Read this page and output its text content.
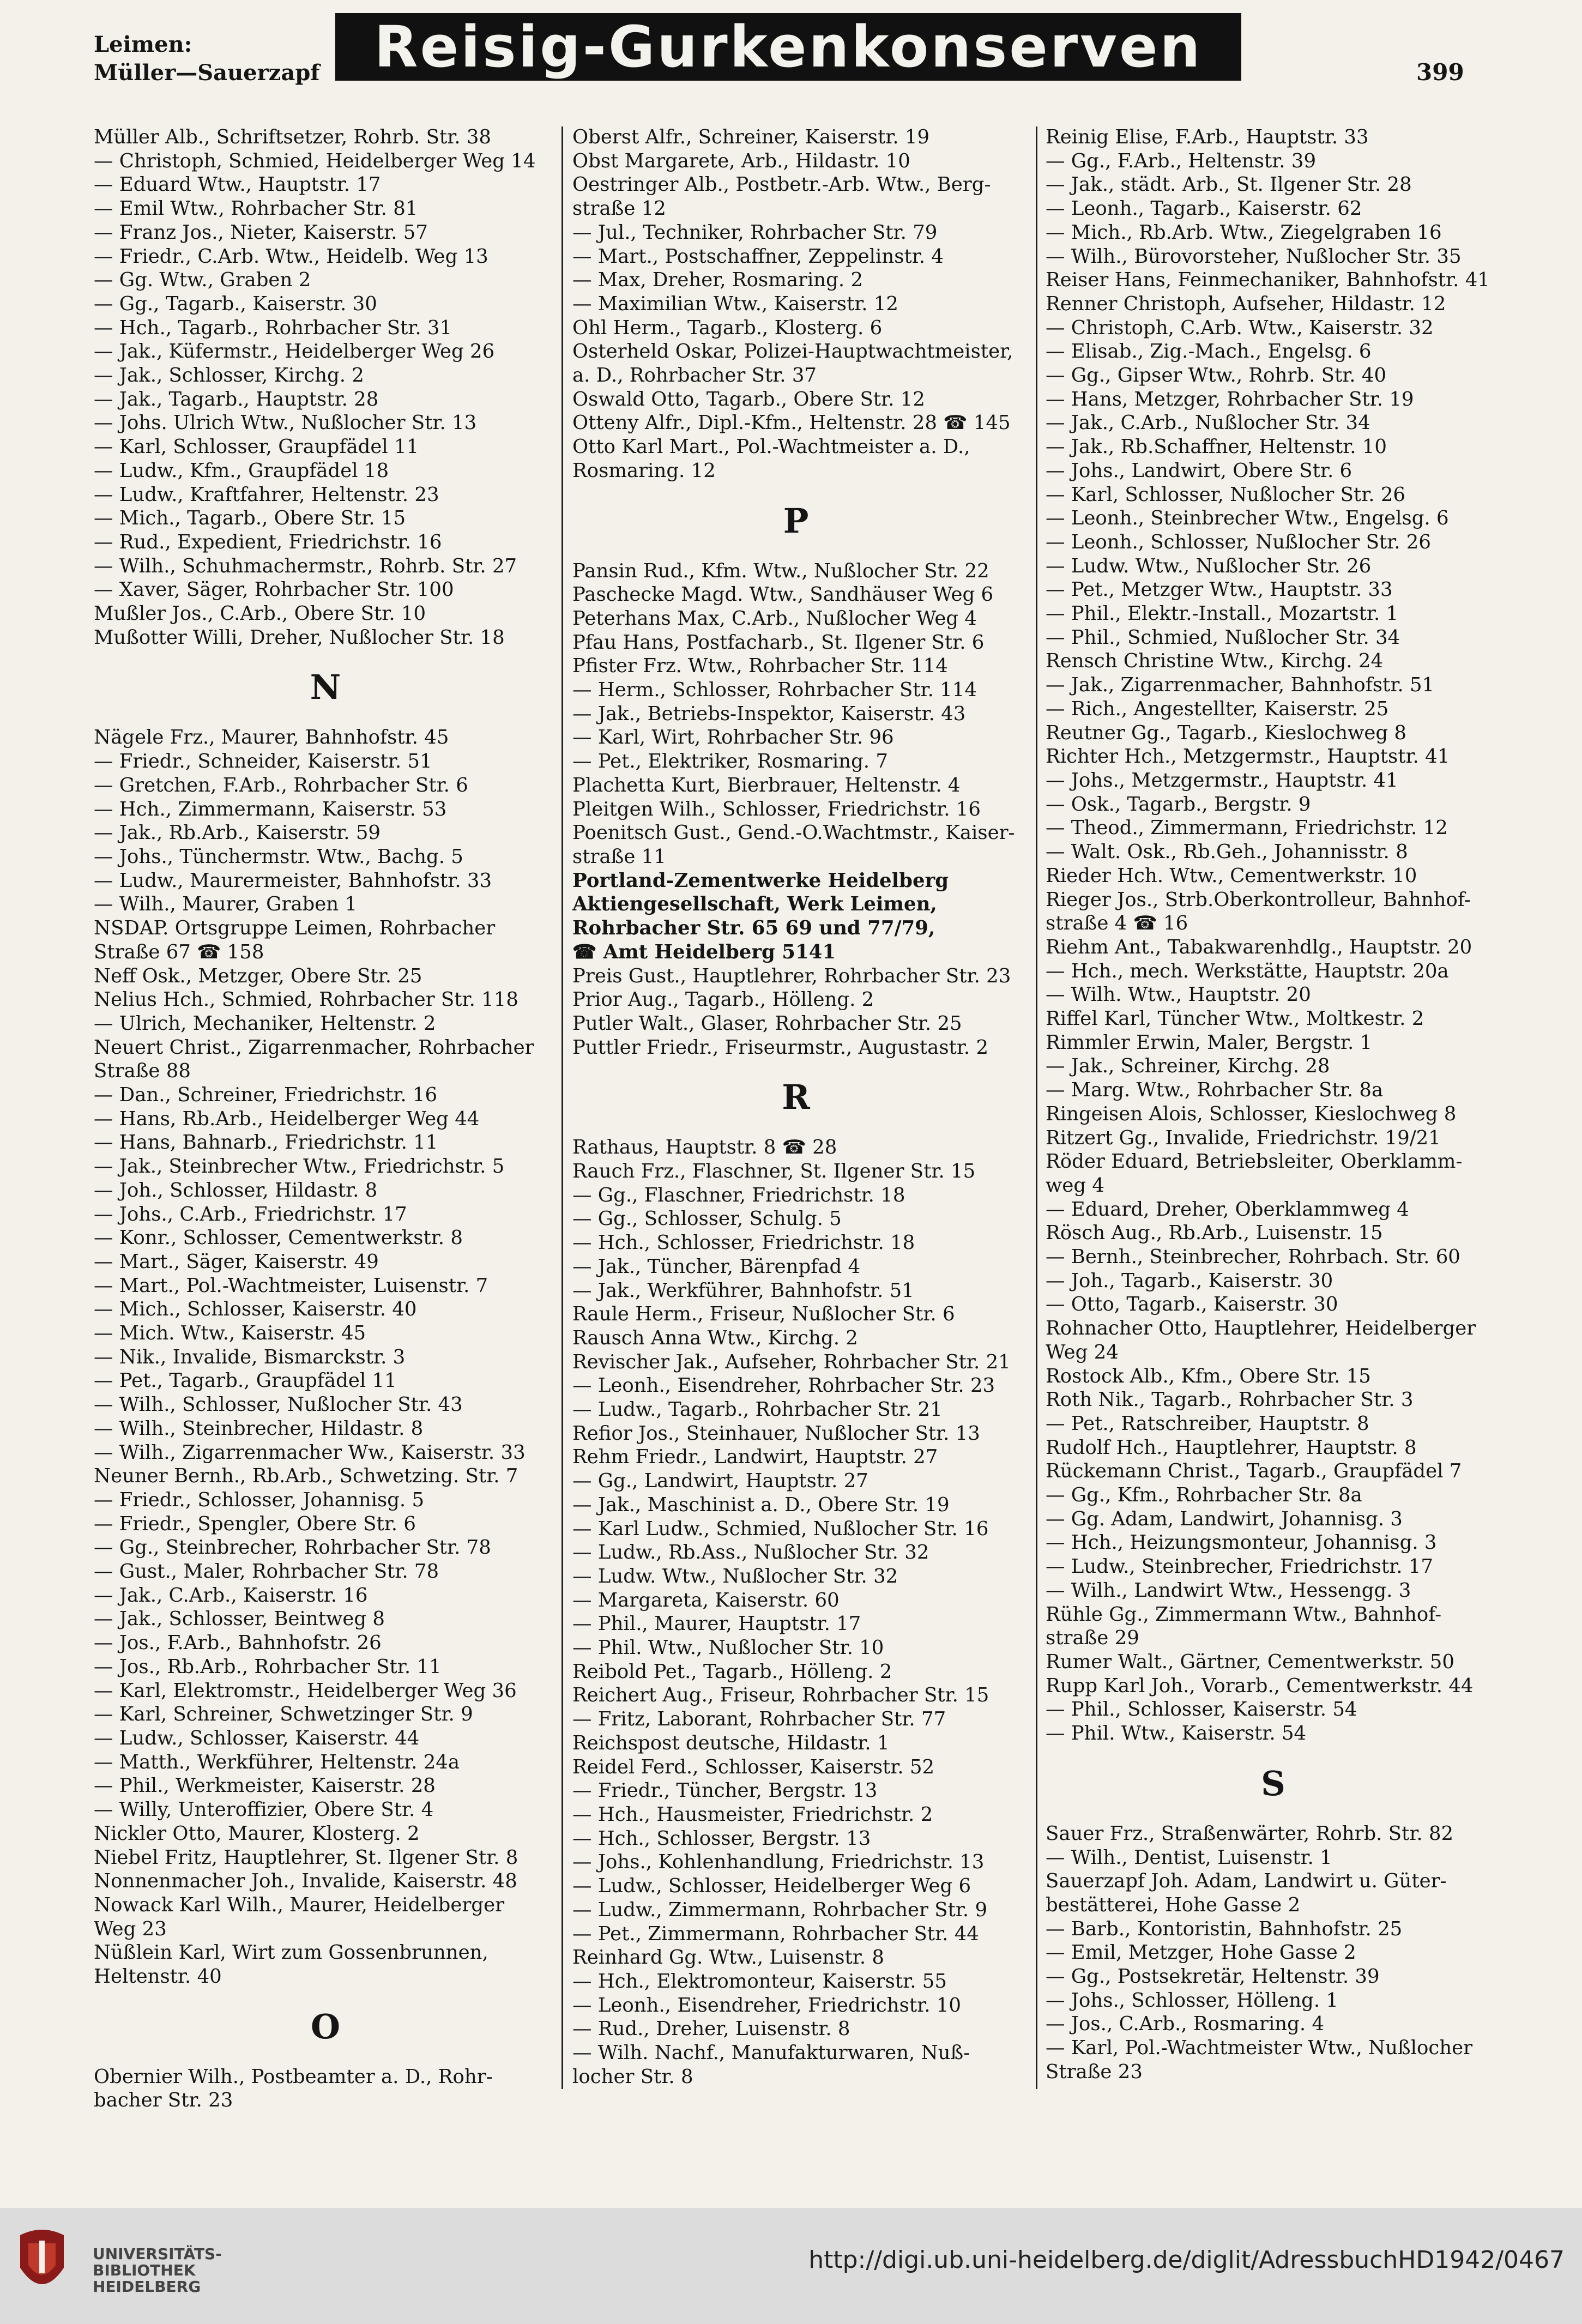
Leimen:
Müller—Sauerzapf Reisig-Gurkenkonserven	399
Müller Alb., Schriftsetzer, Rohrb. Str. 38
— Christoph, Schmied, Heidelberger Weg 14
— Eduard Wtw., Hauptstr. 17
— Emil Wtw., Rohrbacher Str. 81
— Franz Jos., Nieter, Kaiserstr. 57
— Friedr., C.Arb. Wtw., Heidelb. Weg 13
— Gg. Wtw., Graben 2
— Gg., Tagarb., Kaiserstr. 30
— Hch., Tagarb., Rohrbacher Str. 31
— Jak., Küfermstr., Heidelberger Weg 26
— Jak., Schlosser, Kirchg. 2
— Jak., Tagarb., Hauptstr. 28
— Johs. Ulrich Wtw., Nußlocher Str. 13
— Karl, Schlosser, Graupfädel 11
— Ludw., Kfm., Graupfädel 18
— Ludw., Kraftfahrer, Heltenstr. 23
— Mich., Tagarb., Obere Str. 15
— Rud., Expedient, Friedrichstr. 16
— Wilh., Schuhmachermstr., Rohrb. Str. 27
— Xaver, Säger, Rohrbacher Str. 100
Mußler Jos., C.Arb., Obere Str. 10
Mußotter Willi, Dreher, Nußlocher Str. 18
N
Nägele Frz., Maurer, Bahnhofstr. 45
— Friedr., Schneider, Kaiserstr. 51
— Gretchen, F.Arb., Rohrbacher Str. 6
— Hch., Zimmermann, Kaiserstr. 53
— Jak., Rb.Arb., Kaiserstr. 59
— Johs., Tünchermstr. Wtw., Bachg. 5
— Ludw., Maurermeister, Bahnhofstr. 33
— Wilh., Maurer, Graben 1
NSDAP. Ortsgruppe Leimen, Rohrbacher
Straße 67 ☎ 158
Neff Osk., Metzger, Obere Str. 25
Nelius Hch., Schmied, Rohrbacher Str. 118
— Ulrich, Mechaniker, Heltenstr. 2
Neuert Christ., Zigarrenmacher, Rohrbacher
Straße 88
— Dan., Schreiner, Friedrichstr. 16
— Hans, Rb.Arb., Heidelberger Weg 44
— Hans, Bahnarb., Friedrichstr. 11
— Jak., Steinbrecher Wtw., Friedrichstr. 5
— Joh., Schlosser, Hildastr. 8
— Johs., C.Arb., Friedrichstr. 17
— Konr., Schlosser, Cementwerkstr. 8
— Mart., Säger, Kaiserstr. 49
— Mart., Pol.-Wachtmeister, Luisenstr. 7
— Mich., Schlosser, Kaiserstr. 40
— Mich. Wtw., Kaiserstr. 45
— Nik., Invalide, Bismarckstr. 3
— Pet., Tagarb., Graupfädel 11
— Wilh., Schlosser, Nußlocher Str. 43
— Wilh., Steinbrecher, Hildastr. 8
— Wilh., Zigarrenmacher Ww., Kaiserstr. 33
Neuner Bernh., Rb.Arb., Schwetzing. Str. 7
— Friedr., Schlosser, Johannisg. 5
— Friedr., Spengler, Obere Str. 6
— Gg., Steinbrecher, Rohrbacher Str. 78
— Gust., Maler, Rohrbacher Str. 78
— Jak., C.Arb., Kaiserstr. 16
— Jak., Schlosser, Beintweg 8
— Jos., F.Arb., Bahnhofstr. 26
— Jos., Rb.Arb., Rohrbacher Str. 11
— Karl, Elektromstr., Heidelberger Weg 36
— Karl, Schreiner, Schwetzinger Str. 9
— Ludw., Schlosser, Kaiserstr. 44
— Matth., Werkführer, Heltenstr. 24a
— Phil., Werkmeister, Kaiserstr. 28
— Willy, Unteroffizier, Obere Str. 4
Nickler Otto, Maurer, Klosterg. 2
Niebel Fritz, Hauptlehrer, St. Ilgener Str. 8
Nonnenmacher Joh., Invalide, Kaiserstr. 48
Nowack Karl Wilh., Maurer, Heidelberger
Weg 23
Nüßlein Karl, Wirt zum Gossenbrunnen,
Heltenstr. 40
O
Obernier Wilh., Postbeamter a. D., Rohr-
bacher Str. 23
Oberst Alfr., Schreiner, Kaiserstr. 19
Obst Margarete, Arb., Hildastr. 10
Oestringer Alb., Postbetr.-Arb. Wtw., Berg-
straße 12
— Jul., Techniker, Rohrbacher Str. 79
— Mart., Postschaffner, Zeppelinstr. 4
— Max, Dreher, Rosmaring. 2
— Maximilian Wtw., Kaiserstr. 12
Ohl Herm., Tagarb., Klosterg. 6
Osterheld Oskar, Polizei-Hauptwachtmeister,
a. D., Rohrbacher Str. 37
Oswald Otto, Tagarb., Obere Str. 12
Otteny Alfr., Dipl.-Kfm., Heltenstr. 28 ☎ 145
Otto Karl Mart., Pol.-Wachtmeister a. D.,
Rosmaring. 12
P
Pansin Rud., Kfm. Wtw., Nußlocher Str. 22
Paschecke Magd. Wtw., Sandhäuser Weg 6
Peterhans Max, C.Arb., Nußlocher Weg 4
Pfau Hans, Postfacharb., St. Ilgener Str. 6
Pfister Frz. Wtw., Rohrbacher Str. 114
— Herm., Schlosser, Rohrbacher Str. 114
— Jak., Betriebs-Inspektor, Kaiserstr. 43
— Karl, Wirt, Rohrbacher Str. 96
— Pet., Elektriker, Rosmaring. 7
Plachetta Kurt, Bierbrauer, Heltenstr. 4
Pleitgen Wilh., Schlosser, Friedrichstr. 16
Poenitsch Gust., Gend.-O.Wachtmstr., Kaiser-
straße 11
Portland-Zementwerke Heidelberg
Aktiengesellschaft, Werk Leimen,
Rohrbacher Str. 65 69 und 77/79,
☎ Amt Heidelberg 5141
Preis Gust., Hauptlehrer, Rohrbacher Str. 23
Prior Aug., Tagarb., Hölleng. 2
Putler Walt., Glaser, Rohrbacher Str. 25
Puttler Friedr., Friseurmstr., Augustastr. 2
R
Rathaus, Hauptstr. 8 ☎ 28
Rauch Frz., Flaschner, St. Ilgener Str. 15
— Gg., Flaschner, Friedrichstr. 18
— Gg., Schlosser, Schulg. 5
— Hch., Schlosser, Friedrichstr. 18
— Jak., Tüncher, Bärenpfad 4
— Jak., Werkführer, Bahnhofstr. 51
Raule Herm., Friseur, Nußlocher Str. 6
Rausch Anna Wtw., Kirchg. 2
Revischer Jak., Aufseher, Rohrbacher Str. 21
— Leonh., Eisendreher, Rohrbacher Str. 23
— Ludw., Tagarb., Rohrbacher Str. 21
Refior Jos., Steinhauer, Nußlocher Str. 13
Rehm Friedr., Landwirt, Hauptstr. 27
— Gg., Landwirt, Hauptstr. 27
— Jak., Maschinist a. D., Obere Str. 19
— Karl Ludw., Schmied, Nußlocher Str. 16
— Ludw., Rb.Ass., Nußlocher Str. 32
— Ludw. Wtw., Nußlocher Str. 32
— Margareta, Kaiserstr. 60
— Phil., Maurer, Hauptstr. 17
— Phil. Wtw., Nußlocher Str. 10
Reibold Pet., Tagarb., Hölleng. 2
Reichert Aug., Friseur, Rohrbacher Str. 15
— Fritz, Laborant, Rohrbacher Str. 77
Reichspost deutsche, Hildastr. 1
Reidel Ferd., Schlosser, Kaiserstr. 52
— Friedr., Tüncher, Bergstr. 13
— Hch., Hausmeister, Friedrichstr. 2
— Hch., Schlosser, Bergstr. 13
— Johs., Kohlenhandlung, Friedrichstr. 13
— Ludw., Schlosser, Heidelberger Weg 6
— Ludw., Zimmermann, Rohrbacher Str. 9
— Pet., Zimmermann, Rohrbacher Str. 44
Reinhard Gg. Wtw., Luisenstr. 8
— Hch., Elektromonteur, Kaiserstr. 55
— Leonh., Eisendreher, Friedrichstr. 10
— Rud., Dreher, Luisenstr. 8
— Wilh. Nachf., Manufakturwaren, Nuß-
locher Str. 8
Reinig Elise, F.Arb., Hauptstr. 33
— Gg., F.Arb., Heltenstr. 39
— Jak., städt. Arb., St. Ilgener Str. 28
— Leonh., Tagarb., Kaiserstr. 62
— Mich., Rb.Arb. Wtw., Ziegelgraben 16
— Wilh., Bürovorsteher, Nußlocher Str. 35
Reiser Hans, Feinmechaniker, Bahnhofstr. 41
Renner Christoph, Aufseher, Hildastr. 12
— Christoph, C.Arb. Wtw., Kaiserstr. 32
— Elisab., Zig.-Mach., Engelsg. 6
— Gg., Gipser Wtw., Rohrb. Str. 40
— Hans, Metzger, Rohrbacher Str. 19
— Jak., C.Arb., Nußlocher Str. 34
— Jak., Rb.Schaffner, Heltenstr. 10
— Johs., Landwirt, Obere Str. 6
— Karl, Schlosser, Nußlocher Str. 26
— Leonh., Steinbrecher Wtw., Engelsg. 6
— Leonh., Schlosser, Nußlocher Str. 26
— Ludw. Wtw., Nußlocher Str. 26
— Pet., Metzger Wtw., Hauptstr. 33
— Phil., Elektr.-Install., Mozartstr. 1
— Phil., Schmied, Nußlocher Str. 34
Rensch Christine Wtw., Kirchg. 24
— Jak., Zigarrenmacher, Bahnhofstr. 51
— Rich., Angestellter, Kaiserstr. 25
Reutner Gg., Tagarb., Kieslochweg 8
Richter Hch., Metzgermstr., Hauptstr. 41
— Johs., Metzgermstr., Hauptstr. 41
— Osk., Tagarb., Bergstr. 9
— Theod., Zimmermann, Friedrichstr. 12
— Walt. Osk., Rb.Geh., Johannisstr. 8
Rieder Hch. Wtw., Cementwerkstr. 10
Rieger Jos., Strb.Oberkontrolleur, Bahnhof-
straße 4 ☎ 16
Riehm Ant., Tabakwarenhdlg., Hauptstr. 20
— Hch., mech. Werkstätte, Hauptstr. 20a
— Wilh. Wtw., Hauptstr. 20
Riffel Karl, Tüncher Wtw., Moltkestr. 2
Rimmler Erwin, Maler, Bergstr. 1
— Jak., Schreiner, Kirchg. 28
— Marg. Wtw., Rohrbacher Str. 8a
Ringeisen Alois, Schlosser, Kieslochweg 8
Ritzert Gg., Invalide, Friedrichstr. 19/21
Röder Eduard, Betriebsleiter, Oberklamm-
weg 4
— Eduard, Dreher, Oberklammweg 4
Rösch Aug., Rb.Arb., Luisenstr. 15
— Bernh., Steinbrecher, Rohrbach. Str. 60
— Joh., Tagarb., Kaiserstr. 30
— Otto, Tagarb., Kaiserstr. 30
Rohnacher Otto, Hauptlehrer, Heidelberger
Weg 24
Rostock Alb., Kfm., Obere Str. 15
Roth Nik., Tagarb., Rohrbacher Str. 3
— Pet., Ratschreiber, Hauptstr. 8
Rudolf Hch., Hauptlehrer, Hauptstr. 8
Rückemann Christ., Tagarb., Graupfädel 7
— Gg., Kfm., Rohrbacher Str. 8a
— Gg. Adam, Landwirt, Johannisg. 3
— Hch., Heizungsmonteur, Johannisg. 3
— Ludw., Steinbrecher, Friedrichstr. 17
— Wilh., Landwirt Wtw., Hessengg. 3
Rühle Gg., Zimmermann Wtw., Bahnhof-
straße 29
Rumer Walt., Gärtner, Cementwerkstr. 50
Rupp Karl Joh., Vorarb., Cementwerkstr. 44
— Phil., Schlosser, Kaiserstr. 54
— Phil. Wtw., Kaiserstr. 54
S
Sauer Frz., Straßenwärter, Rohrb. Str. 82
— Wilh., Dentist, Luisenstr. 1
Sauerzapf Joh. Adam, Landwirt u. Güter-
bestätterei, Hohe Gasse 2
— Barb., Kontoristin, Bahnhofstr. 25
— Emil, Metzger, Hohe Gasse 2
— Gg., Postsekretär, Heltenstr. 39
— Johs., Schlosser, Hölleng. 1
— Jos., C.Arb., Rosmaring. 4
— Karl, Pol.-Wachtmeister Wtw., Nußlocher
Straße 23
UNIVERSITÄTS-
BIBLIOTHEK
HEIDELBERG
http://digi.ub.uni-heidelberg.de/diglit/AdressbuchHD1942/0467
